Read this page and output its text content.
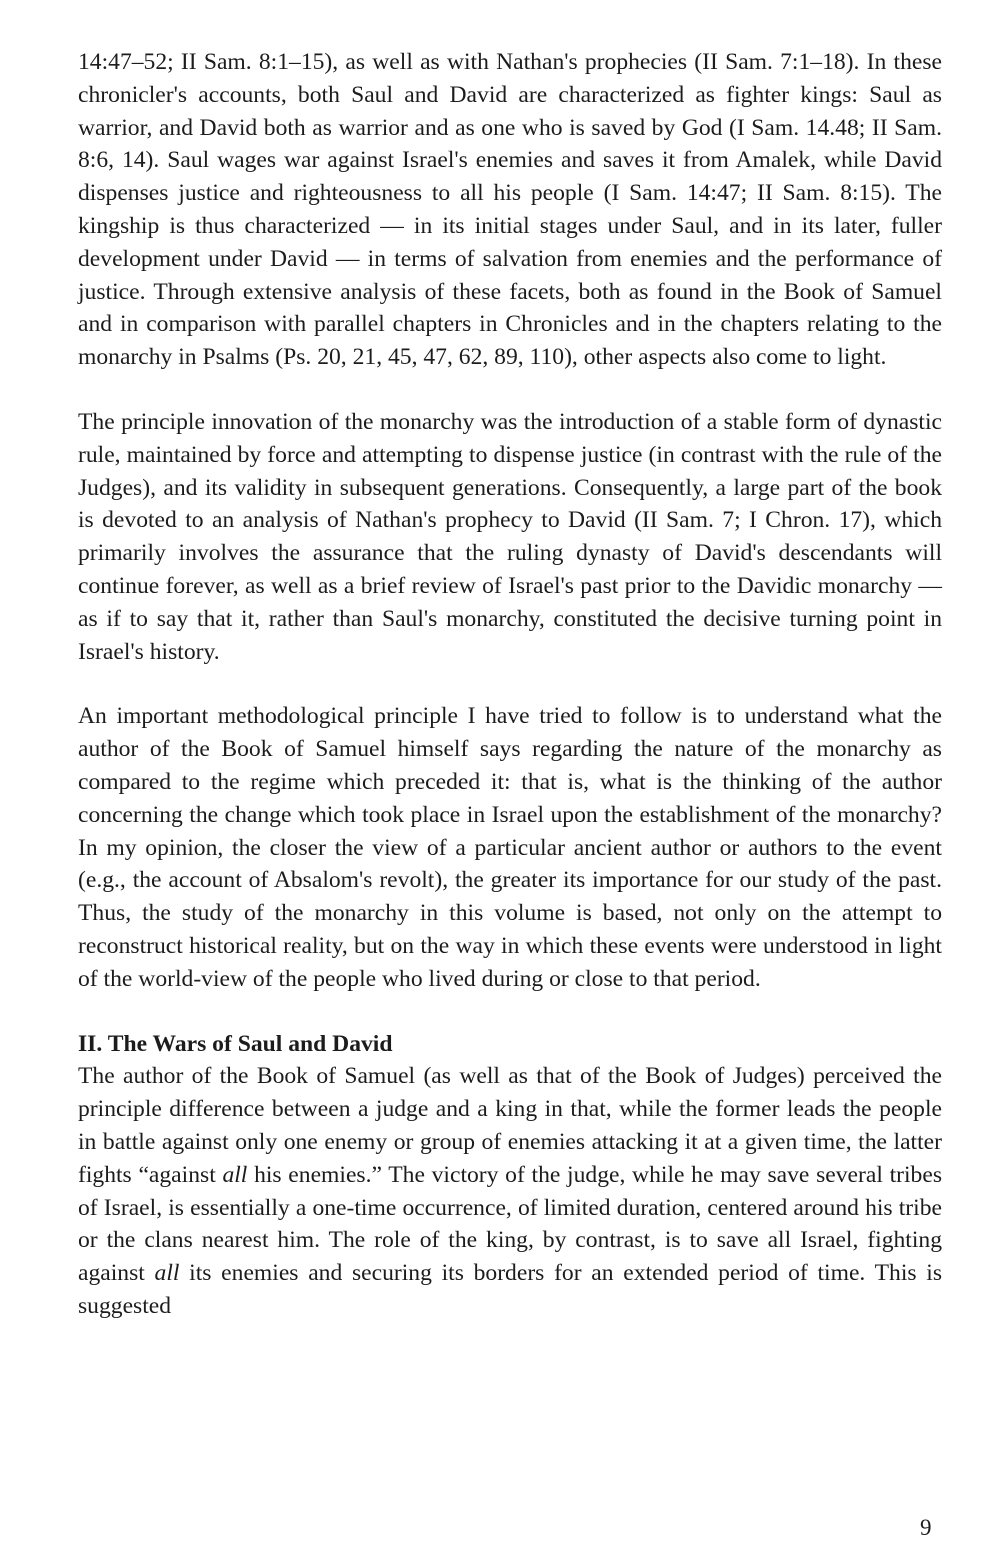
14:47–52; II Sam. 8:1–15), as well as with Nathan's prophecies (II Sam. 7:1–18). In these chronicler's accounts, both Saul and David are characterized as fighter kings: Saul as warrior, and David both as warrior and as one who is saved by God (I Sam. 14.48; II Sam. 8:6, 14). Saul wages war against Israel's enemies and saves it from Amalek, while David dispenses justice and righteousness to all his people (I Sam. 14:47; II Sam. 8:15). The kingship is thus characterized — in its initial stages under Saul, and in its later, fuller development under David — in terms of salvation from enemies and the performance of justice. Through extensive analysis of these facets, both as found in the Book of Samuel and in comparison with parallel chapters in Chronicles and in the chapters relating to the monarchy in Psalms (Ps. 20, 21, 45, 47, 62, 89, 110), other aspects also come to light.

The principle innovation of the monarchy was the introduction of a stable form of dynastic rule, maintained by force and attempting to dispense justice (in contrast with the rule of the Judges), and its validity in subsequent generations. Consequently, a large part of the book is devoted to an analysis of Nathan's prophecy to David (II Sam. 7; I Chron. 17), which primarily involves the assurance that the ruling dynasty of David's descendants will continue forever, as well as a brief review of Israel's past prior to the Davidic monarchy — as if to say that it, rather than Saul's monarchy, constituted the decisive turning point in Israel's history.

An important methodological principle I have tried to follow is to understand what the author of the Book of Samuel himself says regarding the nature of the monarchy as compared to the regime which preceded it: that is, what is the thinking of the author concerning the change which took place in Israel upon the establishment of the monarchy? In my opinion, the closer the view of a particular ancient author or authors to the event (e.g., the account of Absalom's revolt), the greater its importance for our study of the past. Thus, the study of the monarchy in this volume is based, not only on the attempt to reconstruct historical reality, but on the way in which these events were understood in light of the world-view of the people who lived during or close to that period.

II. The Wars of Saul and David

The author of the Book of Samuel (as well as that of the Book of Judges) perceived the principle difference between a judge and a king in that, while the former leads the people in battle against only one enemy or group of enemies attacking it at a given time, the latter fights “against all his enemies.” The victory of the judge, while he may save several tribes of Israel, is essentially a one-time occurrence, of limited duration, centered around his tribe or the clans nearest him. The role of the king, by contrast, is to save all Israel, fighting against all its enemies and securing its borders for an extended period of time. This is suggested

9
